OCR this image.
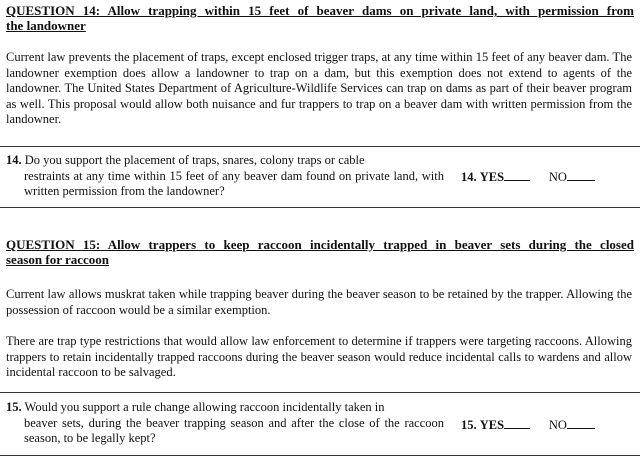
QUESTION 14: Allow trapping within 15 feet of beaver dams on private land, with permission from
the landowner
Current law prevents the placement of traps, except enclosed trigger traps, at any time within 15 feet of any beaver dam. The landowner exemption does allow a landowner to trap on a dam, but this exemption does not extend to agents of the landowner. The United States Department of Agriculture-Wildlife Services can trap on dams as part of their beaver program as well. This proposal would allow both nuisance and fur trappers to trap on a beaver dam with written permission from the landowner.
14. Do you support the placement of traps, snares, colony traps or cable
restraints at any time within 15 feet of any beaver dam found on private land, with written permission from the landowner?
14. YES	NO
QUESTION 15: Allow trappers to keep raccoon incidentally trapped in beaver sets during the closed
season for raccoon
Current law allows muskrat taken while trapping beaver during the beaver season to be retained by the trapper. Allowing the possession of raccoon would be a similar exemption.
There are trap type restrictions that would allow law enforcement to determine if trappers were targeting raccoons. Allowing trappers to retain incidentally trapped raccoons during the beaver season would reduce incidental calls to wardens and allow incidental raccoon to be salvaged.
15. Would you support a rule change allowing raccoon incidentally taken in
beaver sets, during the beaver trapping season and after the close of the raccoon season, to be legally kept?
15. YES	NO
